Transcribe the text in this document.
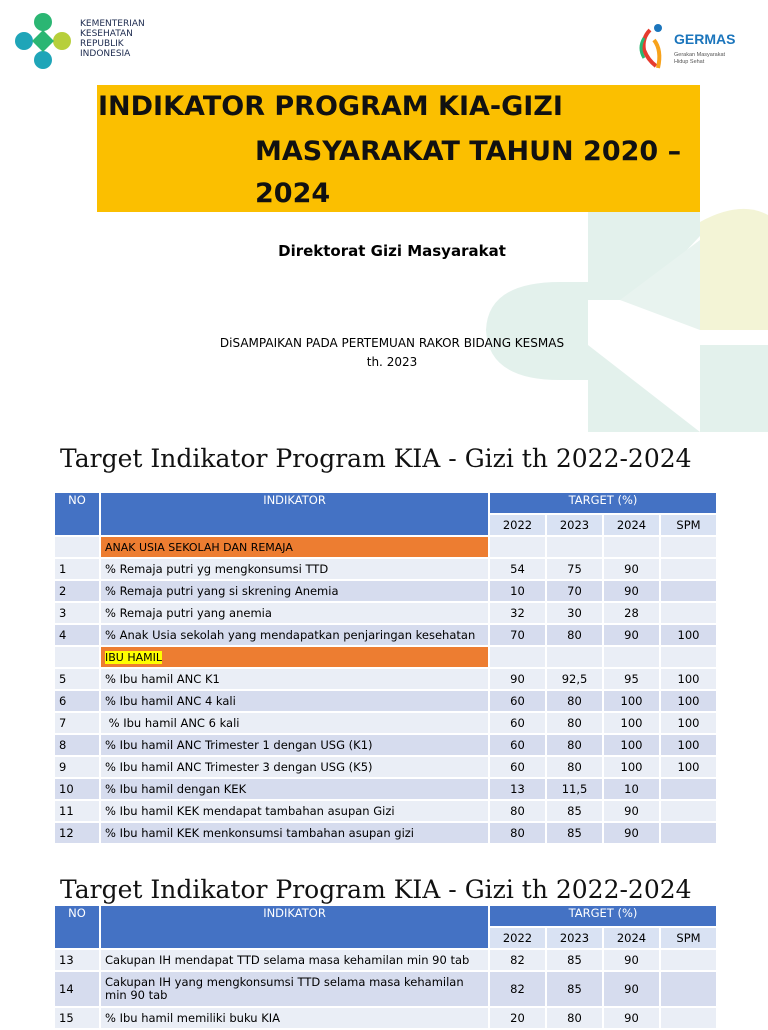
KEMENTERIAN
KESEHATAN
REPUBLIK
INDONESIA
GERMAS
Gerakan Masyarakat
Hidup Sehat
INDIKATOR PROGRAM KIA-GIZI
MASYARAKAT TAHUN 2020 –
2024
Direktorat Gizi Masyarakat
DiSAMPAIKAN PADA PERTEMUAN RAKOR BIDANG KESMAS
th. 2023
Target Indikator Program KIA - Gizi th 2022-2024
NO	INDIKATOR	TARGET (%)			
		2022	2023	2024	SPM
	ANAK USIA SEKOLAH DAN REMAJA				
1	% Remaja putri yg mengkonsumsi TTD	54	75	90	
2	% Remaja putri yang si skrening Anemia	10	70	90	
3	% Remaja putri yang anemia	32	30	28	
4	% Anak Usia sekolah yang mendapatkan penjaringan kesehatan	70	80	90	100
	IBU HAMIL				
5	% Ibu hamil ANC K1	90	92,5	95	100
6	% Ibu hamil ANC 4 kali	60	80	100	100
7	% Ibu hamil ANC 6 kali	60	80	100	100
8	% Ibu hamil ANC Trimester 1 dengan USG (K1)	60	80	100	100
9	% Ibu hamil ANC Trimester 3 dengan USG (K5)	60	80	100	100
10	% Ibu hamil dengan KEK	13	11,5	10	
11	% Ibu hamil KEK mendapat tambahan asupan Gizi	80	85	90	
12	% Ibu hamil KEK menkonsumsi tambahan asupan gizi	80	85	90	
Target Indikator Program KIA - Gizi th 2022-2024
NO	INDIKATOR	TARGET (%)			
		2022	2023	2024	SPM
13	Cakupan IH mendapat TTD selama masa kehamilan min 90 tab	82	85	90	
14	Cakupan IH yang mengkonsumsi TTD selama masa kehamilan min 90 tab	82	85	90	
15	% Ibu hamil memiliki buku KIA	20	80	90	
